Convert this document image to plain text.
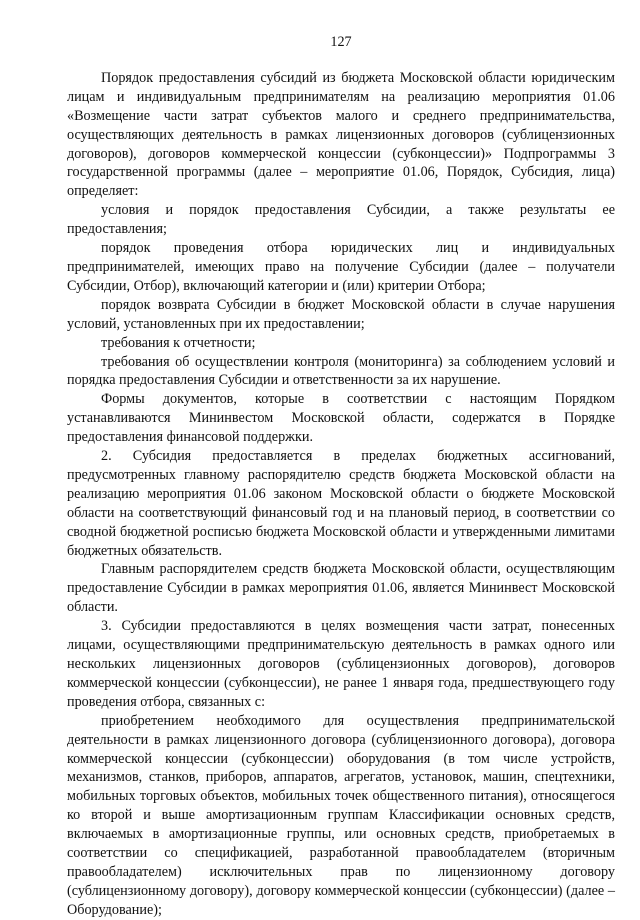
127

Порядок предоставления субсидий из бюджета Московской области юридическим лицам и индивидуальным предпринимателям на реализацию мероприятия 01.06 «Возмещение части затрат субъектов малого и среднего предпринимательства, осуществляющих деятельность в рамках лицензионных договоров (сублицензионных договоров), договоров коммерческой концессии (субконцессии)» Подпрограммы 3 государственной программы (далее – мероприятие 01.06, Порядок, Субсидия, лица) определяет:

условия и порядок предоставления Субсидии, а также результаты ее предоставления;

порядок проведения отбора юридических лиц и индивидуальных предпринимателей, имеющих право на получение Субсидии (далее – получатели Субсидии, Отбор), включающий категории и (или) критерии Отбора;

порядок возврата Субсидии в бюджет Московской области в случае нарушения условий, установленных при их предоставлении;

требования к отчетности;

требования об осуществлении контроля (мониторинга) за соблюдением условий и порядка предоставления Субсидии и ответственности за их нарушение.

Формы документов, которые в соответствии с настоящим Порядком устанавливаются Мининвестом Московской области, содержатся в Порядке предоставления финансовой поддержки.

2. Субсидия предоставляется в пределах бюджетных ассигнований, предусмотренных главному распорядителю средств бюджета Московской области на реализацию мероприятия 01.06 законом Московской области о бюджете Московской области на соответствующий финансовый год и на плановый период, в соответствии со сводной бюджетной росписью бюджета Московской области и утвержденными лимитами бюджетных обязательств.

Главным распорядителем средств бюджета Московской области, осуществляющим предоставление Субсидии в рамках мероприятия 01.06, является Мининвест Московской области.

3. Субсидии предоставляются в целях возмещения части затрат, понесенных лицами, осуществляющими предпринимательскую деятельность в рамках одного или нескольких лицензионных договоров (сублицензионных договоров), договоров коммерческой концессии (субконцессии), не ранее 1 января года, предшествующего году проведения отбора, связанных с:

приобретением необходимого для осуществления предпринимательской деятельности в рамках лицензионного договора (сублицензионного договора), договора коммерческой концессии (субконцессии) оборудования (в том числе устройств, механизмов, станков, приборов, аппаратов, агрегатов, установок, машин, спецтехники, мобильных торговых объектов, мобильных точек общественного питания), относящегося ко второй и выше амортизационным группам Классификации основных средств, включаемых в амортизационные группы, или основных средств, приобретаемых в соответствии со спецификацией, разработанной правообладателем (вторичным правообладателем) исключительных прав по лицензионному договору (сублицензионному договору), договору коммерческой концессии (субконцессии) (далее – Оборудование);
